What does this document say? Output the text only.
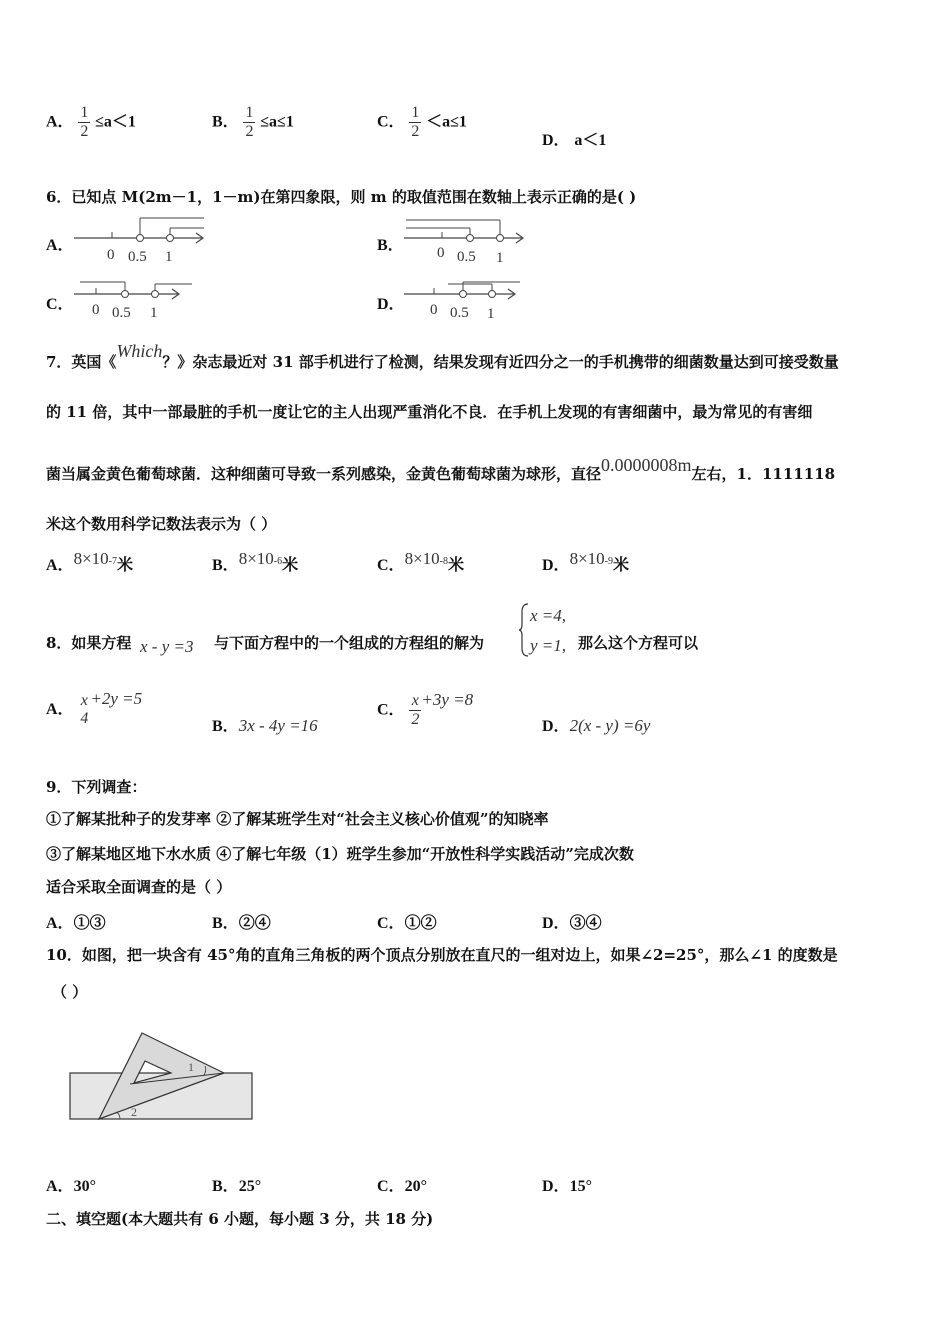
A． $\frac{1}{2} \le a<1$	B． $\frac{1}{2} \le a\le 1$	C． $\frac{1}{2} <a\le 1$
D． a＜1
6．已知点 M(2m－1，1－m)在第四象限，则 m 的取值范围在数轴上表示正确的是( )
A．
0 0.5 1
B． 0 0.5 1
C． 0 0.5 1	D． 0 0.5 1
7．英国《Which？》杂志最近对 31 部手机进行了检测，结果发现有近四分之一的手机携带的细菌数量达到可接受数量
的 11 倍，其中一部最脏的手机一度让它的主人出现严重消化不良．在手机上发现的有害细菌中，最为常见的有害细
菌当属金黄色葡萄球菌．这种细菌可导致一系列感染，金黄色葡萄球菌为球形，直径0.0000008m左右，1．1111118
米这个数用科学记数法表示为（ ）
A．$8\times 10^{-7}$米	B．$8\times 10^{-6}$米	C．$8\times 10^{-8}$米	D．$8\times 10^{-9}$米
8．如果方程 x - y =3 与下面方程中的一个组成的方程组的解为
x =4,
y =1, 那么这个方程可以
A．
x
4
+2y =5
B．3x - 4y =16
C． $\frac{x}{2} +3y =8$
D．2(x - y) =6y
9．下列调查：
①了解某批种子的发芽率 ②了解某班学生对“社会主义核心价值观”的知晓率
③了解某地区地下水水质 ④了解七年级（1）班学生参加“开放性科学实践活动”完成次数
适合采取全面调查的是（ ）
A．①③	B．②④	C．①②	D．③④
10．如图，把一块含有 45°角的直角三角板的两个顶点分别放在直尺的一组对边上，如果∠2=25°，那么∠1 的度数是
（ ）
1
2
A．30°	B．25°	C．20°	D．15°
二、填空题(本大题共有 6 小题，每小题 3 分，共 18 分)
